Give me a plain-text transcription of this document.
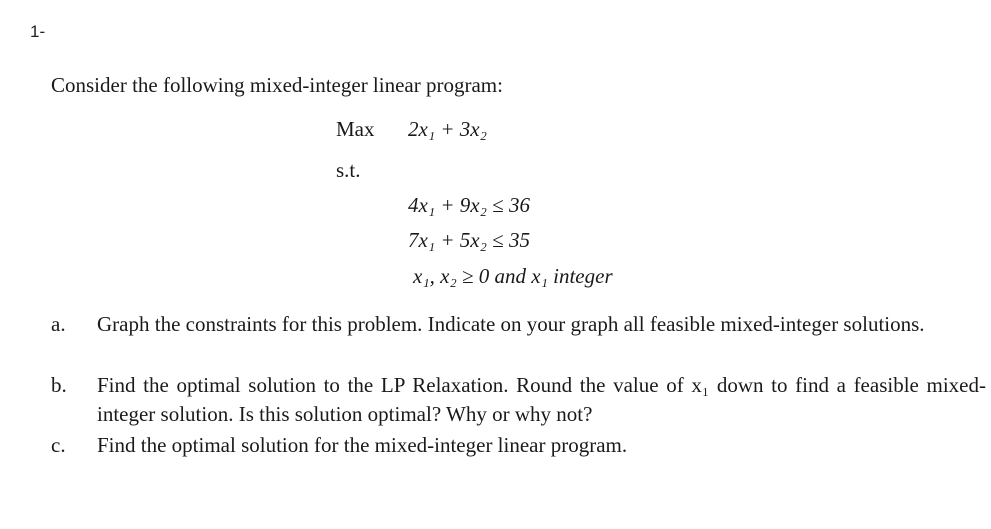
1-
Consider the following mixed-integer linear program:
Max 2x₁ + 3x₂
s.t.
4x₁ + 9x₂ ≤ 36
7x₁ + 5x₂ ≤ 35
x₁, x₂ ≥ 0 and x₁ integer
a.	Graph the constraints for this problem. Indicate on your graph all feasible mixed-integer solutions.
b.	Find the optimal solution to the LP Relaxation. Round the value of x₁ down to find a feasible mixed-integer solution. Is this solution optimal? Why or why not?
c.	Find the optimal solution for the mixed-integer linear program.
